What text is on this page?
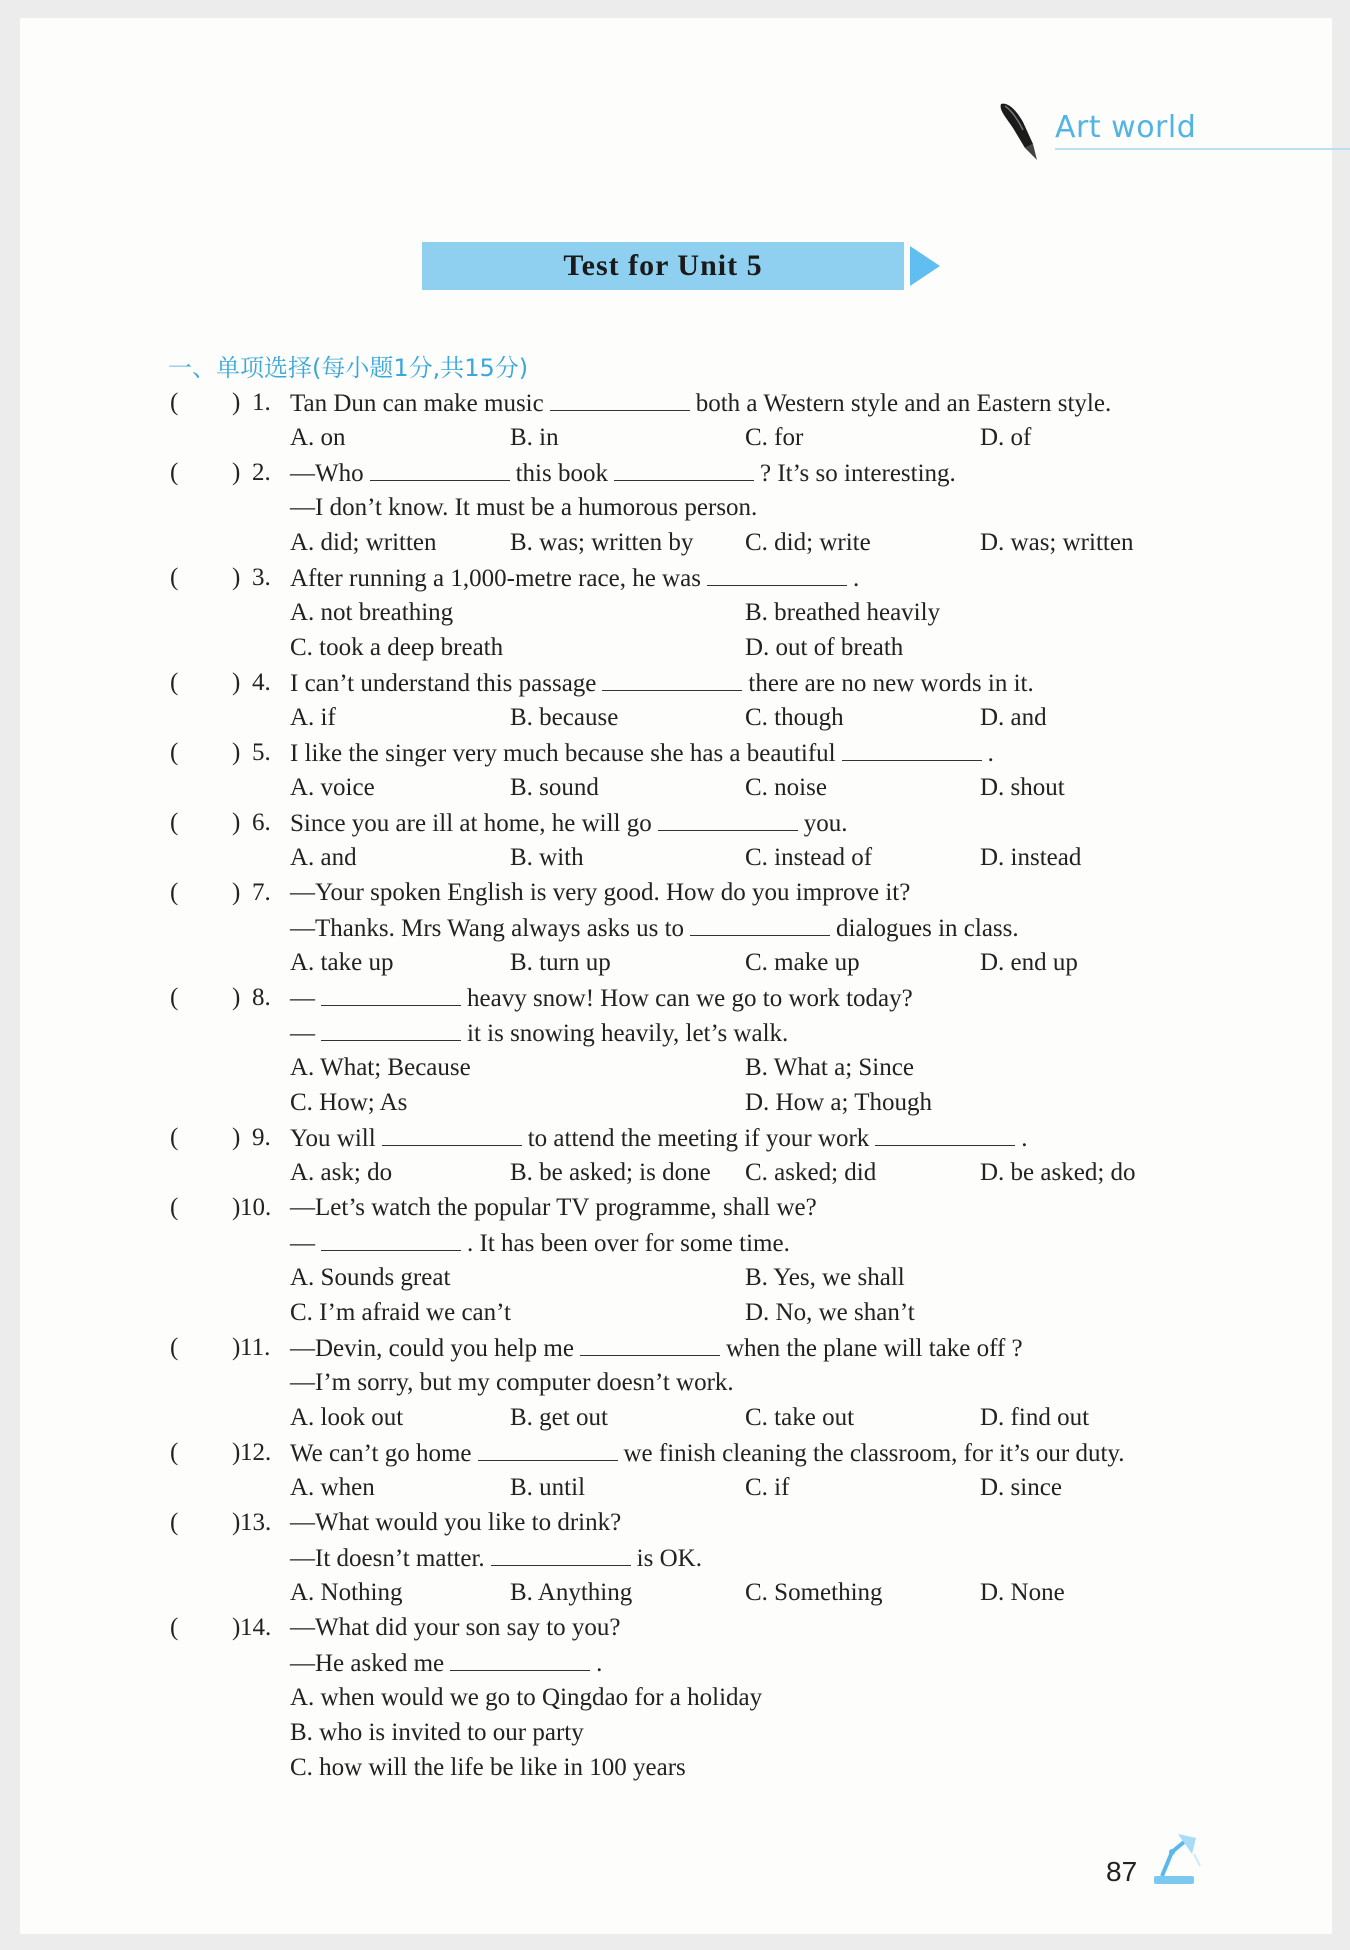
Art world
Test for Unit 5
一、单项选择(每小题1分,共15分)
( ) 1. Tan Dun can make music	both a Western style and an Eastern style.
A. on	B. in	C. for	D. of
( ) 2. —Who	this book	? It’s so interesting.
—I don’t know. It must be a humorous person.
A. did; written	B. was; written by C. did; write	D. was; written
( ) 3. After running a 1,000-metre race, he was	.
A. not breathing	B. breathed heavily
C. took a deep breath	D. out of breath
( ) 4. I can’t understand this passage	there are no new words in it.
A. if	B. because	C. though	D. and
( ) 5. I like the singer very much because she has a beautiful	.
A. voice	B. sound	C. noise	D. shout
( ) 6. Since you are ill at home, he will go	you.
A. and	B. with	C. instead of	D. instead
( ) 7. —Your spoken English is very good. How do you improve it?
—Thanks. Mrs Wang always asks us to	dialogues in class.
A. take up	B. turn up	C. make up	D. end up
( ) 8. —	heavy snow! How can we go to work today?
—	it is snowing heavily, let’s walk.
A. What; Because	B. What a; Since
C. How; As	D. How a; Though
( ) 9. You will	to attend the meeting if your work	.
A. ask; do	B. be asked; is done C. asked; did	D. be asked; do
( ) 10. —Let’s watch the popular TV programme, shall we?
—	. It has been over for some time.
A. Sounds great	B. Yes, we shall
C. I’m afraid we can’t	D. No, we shan’t
( ) 11. —Devin, could you help me	when the plane will take off ?
—I’m sorry, but my computer doesn’t work.
A. look out	B. get out	C. take out	D. find out
( ) 12. We can’t go home	we finish cleaning the classroom, for it’s our duty.
A. when	B. until	C. if	D. since
( ) 13. —What would you like to drink?
—It doesn’t matter.	is OK.
A. Nothing	B. Anything	C. Something	D. None
( ) 14. —What did your son say to you?
—He asked me	.
A. when would we go to Qingdao for a holiday
B. who is invited to our party
C. how will the life be like in 100 years
87
